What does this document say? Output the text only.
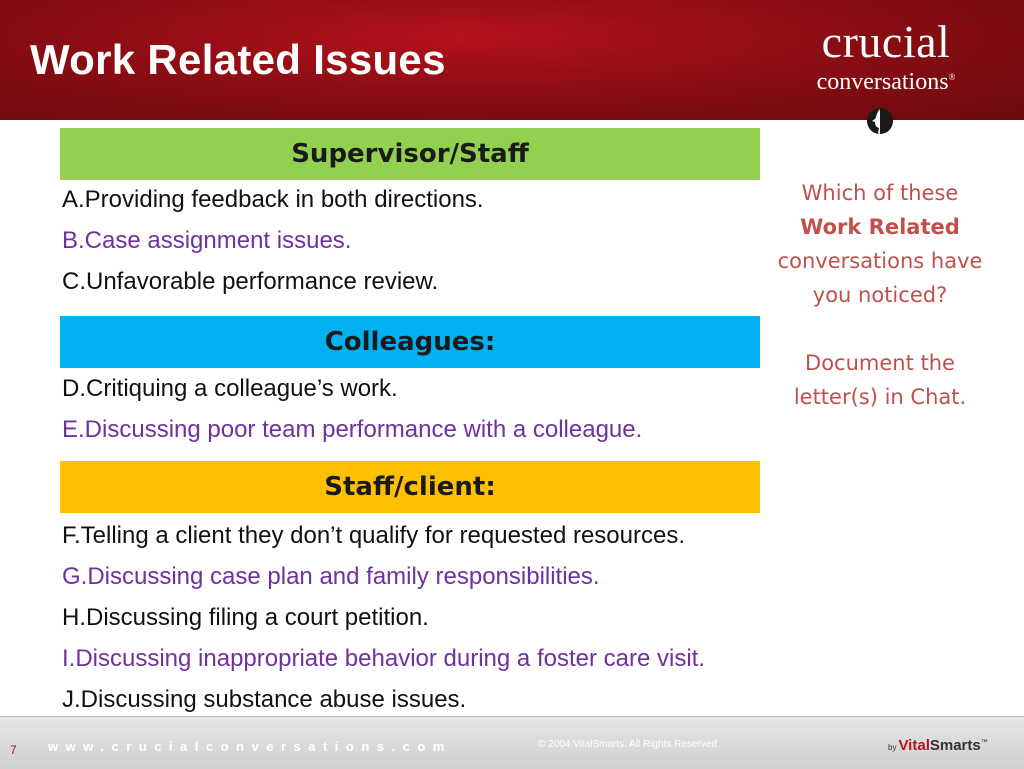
Work Related Issues	crucial
conversations®
Supervisor/Staff
A.Providing feedback in both directions.
B.Case assignment issues.
C.Unfavorable performance review.
Colleagues:
D.Critiquing a colleague’s work.
E.Discussing poor team performance with a colleague.
Staff/client:
F.Telling a client they don’t qualify for requested resources.
G.Discussing case plan and family responsibilities.
H.Discussing filing a court petition.
I.Discussing inappropriate behavior during a foster care visit.
J.Discussing substance abuse issues.
Which of these
Work Related
conversations have
you noticed?
Document the
letter(s) in Chat.
7 www.crucialconversations.com	© 2004 VitalSmarts. All Rights Reserved.	by VitalSmarts™
